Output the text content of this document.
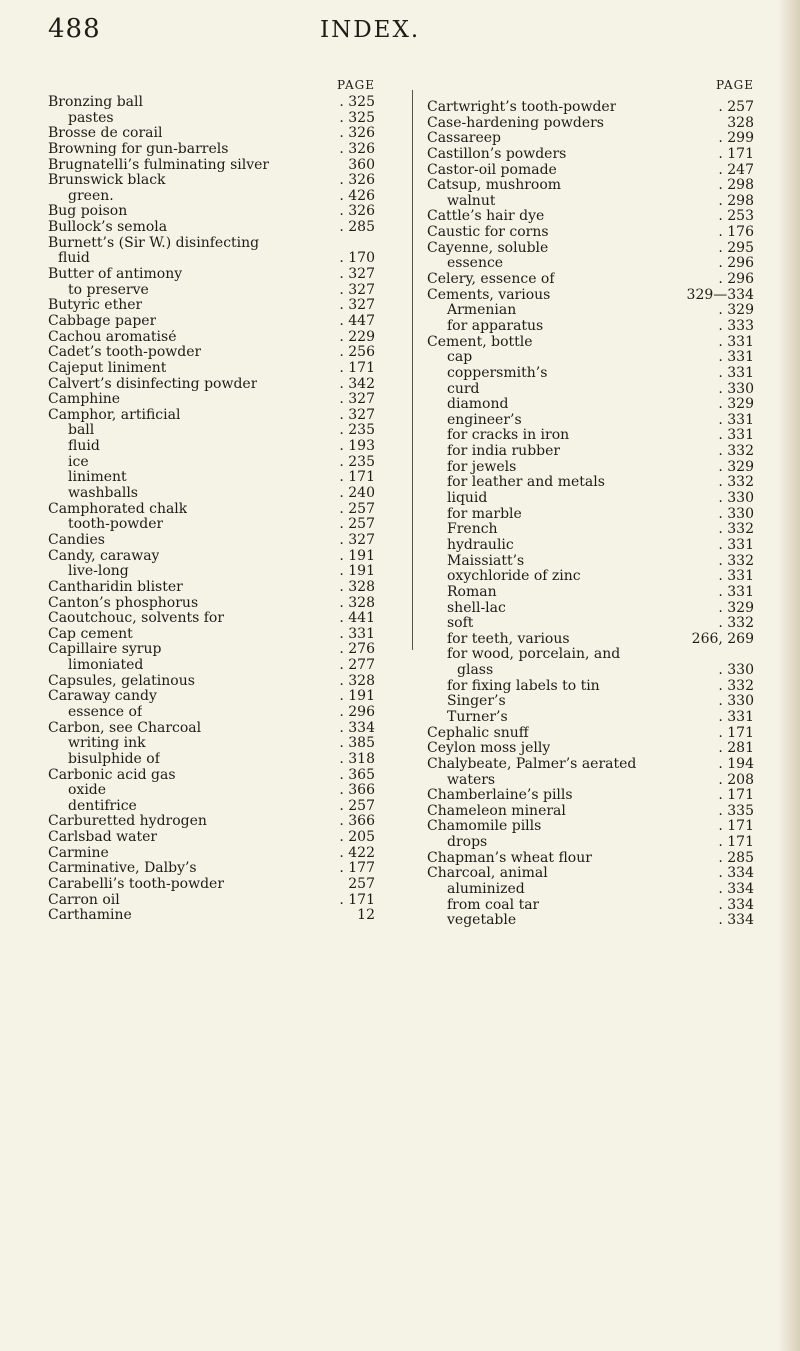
488	INDEX.
PAGE
Bronzing ball	. 325
pastes	. 325
Brosse de corail	. 326
Browning for gun-barrels	. 326
Brugnatelli’s fulminating silver	360
Brunswick black	. 326
green.	. 426
Bug poison	. 326
Bullock’s semola	. 285
Burnett’s (Sir W.) disinfecting
fluid	. 170
Butter of antimony	. 327
to preserve	. 327
Butyric ether	. 327
Cabbage paper	. 447
Cachou aromatisé	. 229
Cadet’s tooth-powder	. 256
Cajeput liniment	. 171
Calvert’s disinfecting powder	. 342
Camphine	. 327
Camphor, artificial	. 327
ball	. 235
fluid	. 193
ice	. 235
liniment	. 171
washballs	. 240
Camphorated chalk	. 257
tooth-powder	. 257
Candies	. 327
Candy, caraway	. 191
live-long	. 191
Cantharidin blister	. 328
Canton’s phosphorus	. 328
Caoutchouc, solvents for	. 441
Cap cement	. 331
Capillaire syrup	. 276
limoniated	. 277
Capsules, gelatinous	. 328
Caraway candy	. 191
essence of	. 296
Carbon, see Charcoal	. 334
writing ink	. 385
bisulphide of	. 318
Carbonic acid gas	. 365
oxide	. 366
dentifrice	. 257
Carburetted hydrogen	. 366
Carlsbad water	. 205
Carmine	. 422
Carminative, Dalby’s	. 177
Carabelli’s tooth-powder	257
Carron oil	. 171
Carthamine	12
PAGE
Cartwright’s tooth-powder	. 257
Case-hardening powders	328
Cassareep	. 299
Castillon’s powders	. 171
Castor-oil pomade	. 247
Catsup, mushroom	. 298
walnut	. 298
Cattle’s hair dye	. 253
Caustic for corns	. 176
Cayenne, soluble	. 295
essence	. 296
Celery, essence of	. 296
Cements, various	329—334
Armenian	. 329
for apparatus	. 333
Cement, bottle	. 331
cap	. 331
coppersmith’s	. 331
curd	. 330
diamond	. 329
engineer’s	. 331
for cracks in iron	. 331
for india rubber	. 332
for jewels	. 329
for leather and metals	. 332
liquid	. 330
for marble	. 330
French	. 332
hydraulic	. 331
Maissiatt’s	. 332
oxychloride of zinc	. 331
Roman	. 331
shell-lac	. 329
soft	. 332
for teeth, various	266, 269
for wood, porcelain, and
glass	. 330
for fixing labels to tin	. 332
Singer’s	. 330
Turner’s	. 331
Cephalic snuff	. 171
Ceylon moss jelly	. 281
Chalybeate, Palmer’s aerated	. 194
waters	. 208
Chamberlaine’s pills	. 171
Chameleon mineral	. 335
Chamomile pills	. 171
drops	. 171
Chapman’s wheat flour	. 285
Charcoal, animal	. 334
aluminized	. 334
from coal tar	. 334
vegetable	. 334
